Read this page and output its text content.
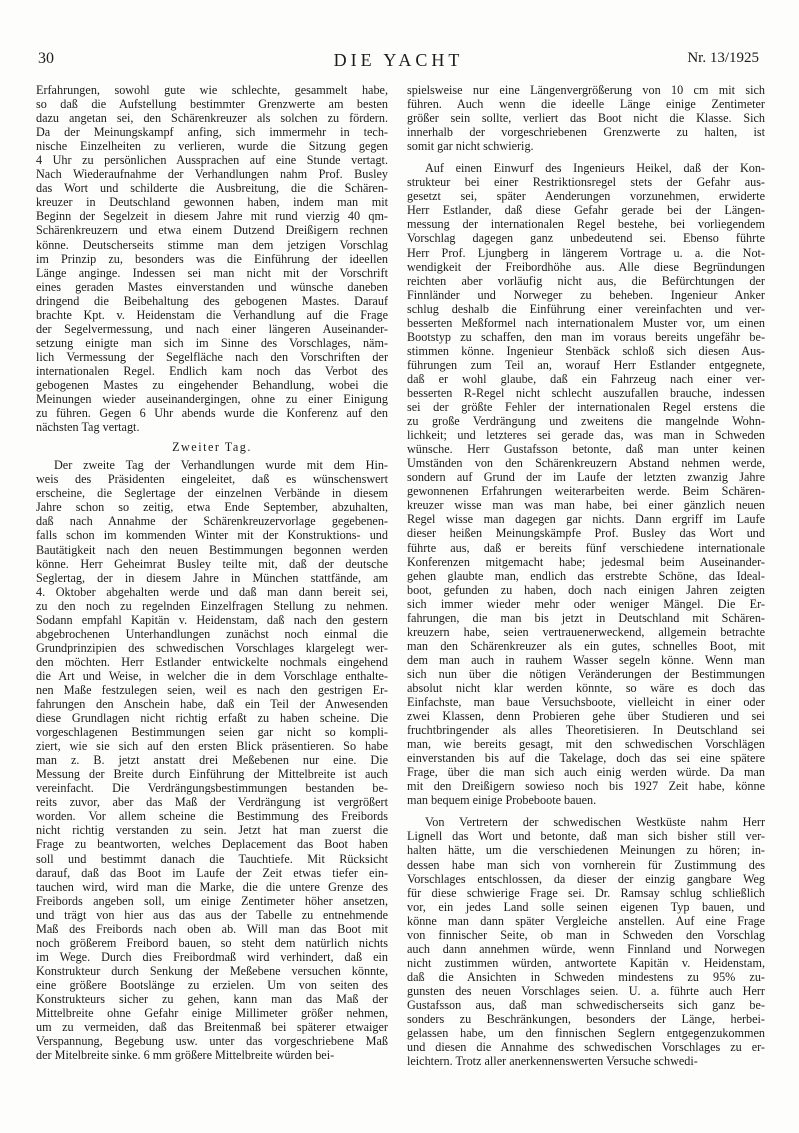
30	DIE YACHT	Nr. 13/1925
Erfahrungen, sowohl gute wie schlechte, gesammelt habe,
so daß die Aufstellung bestimmter Grenzwerte am besten
dazu angetan sei, den Schärenkreuzer als solchen zu fördern.
Da der Meinungskampf anfing, sich immermehr in tech-
nische Einzelheiten zu verlieren, wurde die Sitzung gegen
4 Uhr zu persönlichen Aussprachen auf eine Stunde vertagt.
Nach Wiederaufnahme der Verhandlungen nahm Prof. Busley
das Wort und schilderte die Ausbreitung, die die Schären-
kreuzer in Deutschland gewonnen haben, indem man mit
Beginn der Segelzeit in diesem Jahre mit rund vierzig 40 qm-
Schärenkreuzern und etwa einem Dutzend Dreißigern rechnen
könne. Deutscherseits stimme man dem jetzigen Vorschlag
im Prinzip zu, besonders was die Einführung der ideellen
Länge anginge. Indessen sei man nicht mit der Vorschrift
eines geraden Mastes einverstanden und wünsche daneben
dringend die Beibehaltung des gebogenen Mastes. Darauf
brachte Kpt. v. Heidenstam die Verhandlung auf die Frage
der Segelvermessung, und nach einer längeren Auseinander-
setzung einigte man sich im Sinne des Vorschlages, näm-
lich Vermessung der Segelfläche nach den Vorschriften der
internationalen Regel. Endlich kam noch das Verbot des
gebogenen Mastes zu eingehender Behandlung, wobei die
Meinungen wieder auseinandergingen, ohne zu einer Einigung
zu führen. Gegen 6 Uhr abends wurde die Konferenz auf den
nächsten Tag vertagt.
Zweiter Tag.
Der zweite Tag der Verhandlungen wurde mit dem Hin-
weis des Präsidenten eingeleitet, daß es wünschenswert
erscheine, die Seglertage der einzelnen Verbände in diesem
Jahre schon so zeitig, etwa Ende September, abzuhalten,
daß nach Annahme der Schärenkreuzervorlage gegebenen-
falls schon im kommenden Winter mit der Konstruktions- und
Bautätigkeit nach den neuen Bestimmungen begonnen werden
könne. Herr Geheimrat Busley teilte mit, daß der deutsche
Seglertag, der in diesem Jahre in München stattfände, am
4. Oktober abgehalten werde und daß man dann bereit sei,
zu den noch zu regelnden Einzelfragen Stellung zu nehmen.
Sodann empfahl Kapitän v. Heidenstam, daß nach den gestern
abgebrochenen Unterhandlungen zunächst noch einmal die
Grundprinzipien des schwedischen Vorschlages klargelegt wer-
den möchten. Herr Estlander entwickelte nochmals eingehend
die Art und Weise, in welcher die in dem Vorschlage enthalte-
nen Maße festzulegen seien, weil es nach den gestrigen Er-
fahrungen den Anschein habe, daß ein Teil der Anwesenden
diese Grundlagen nicht richtig erfaßt zu haben scheine. Die
vorgeschlagenen Bestimmungen seien gar nicht so kompli-
ziert, wie sie sich auf den ersten Blick präsentieren. So habe
man z. B. jetzt anstatt drei Meßebenen nur eine. Die
Messung der Breite durch Einführung der Mittelbreite ist auch
vereinfacht. Die Verdrängungsbestimmungen bestanden be-
reits zuvor, aber das Maß der Verdrängung ist vergrößert
worden. Vor allem scheine die Bestimmung des Freibords
nicht richtig verstanden zu sein. Jetzt hat man zuerst die
Frage zu beantworten, welches Deplacement das Boot haben
soll und bestimmt danach die Tauchtiefe. Mit Rücksicht
darauf, daß das Boot im Laufe der Zeit etwas tiefer ein-
tauchen wird, wird man die Marke, die die untere Grenze des
Freibords angeben soll, um einige Zentimeter höher ansetzen,
und trägt von hier aus das aus der Tabelle zu entnehmende
Maß des Freibords nach oben ab. Will man das Boot mit
noch größerem Freibord bauen, so steht dem natürlich nichts
im Wege. Durch dies Freibordmaß wird verhindert, daß ein
Konstrukteur durch Senkung der Meßebene versuchen könnte,
eine größere Bootslänge zu erzielen. Um von seiten des
Konstrukteurs sicher zu gehen, kann man das Maß der
Mittelbreite ohne Gefahr einige Millimeter größer nehmen,
um zu vermeiden, daß das Breitenmaß bei späterer etwaiger
Verspannung, Begebung usw. unter das vorgeschriebene Maß
der Mitelbreite sinke. 6 mm größere Mittelbreite würden bei-
spielsweise nur eine Längenvergrößerung von 10 cm mit sich
führen. Auch wenn die ideelle Länge einige Zentimeter
größer sein sollte, verliert das Boot nicht die Klasse. Sich
innerhalb der vorgeschriebenen Grenzwerte zu halten, ist
somit gar nicht schwierig.
Auf einen Einwurf des Ingenieurs Heikel, daß der Kon-
strukteur bei einer Restriktionsregel stets der Gefahr aus-
gesetzt sei, später Aenderungen vorzunehmen, erwiderte
Herr Estlander, daß diese Gefahr gerade bei der Längen-
messung der internationalen Regel bestehe, bei vorliegendem
Vorschlag dagegen ganz unbedeutend sei. Ebenso führte
Herr Prof. Ljungberg in längerem Vortrage u. a. die Not-
wendigkeit der Freibordhöhe aus. Alle diese Begründungen
reichten aber vorläufig nicht aus, die Befürchtungen der
Finnländer und Norweger zu beheben. Ingenieur Anker
schlug deshalb die Einführung einer vereinfachten und ver-
besserten Meßformel nach internationalem Muster vor, um einen
Bootstyp zu schaffen, den man im voraus bereits ungefähr be-
stimmen könne. Ingenieur Stenbäck schloß sich diesen Aus-
führungen zum Teil an, worauf Herr Estlander entgegnete,
daß er wohl glaube, daß ein Fahrzeug nach einer ver-
besserten R-Regel nicht schlecht auszufallen brauche, indessen
sei der größte Fehler der internationalen Regel erstens die
zu große Verdrängung und zweitens die mangelnde Wohn-
lichkeit; und letzteres sei gerade das, was man in Schweden
wünsche. Herr Gustafsson betonte, daß man unter keinen
Umständen von den Schärenkreuzern Abstand nehmen werde,
sondern auf Grund der im Laufe der letzten zwanzig Jahre
gewonnenen Erfahrungen weiterarbeiten werde. Beim Schären-
kreuzer wisse man was man habe, bei einer gänzlich neuen
Regel wisse man dagegen gar nichts. Dann ergriff im Laufe
dieser heißen Meinungskämpfe Prof. Busley das Wort und
führte aus, daß er bereits fünf verschiedene internationale
Konferenzen mitgemacht habe; jedesmal beim Auseinander-
gehen glaubte man, endlich das erstrebte Schöne, das Ideal-
boot, gefunden zu haben, doch nach einigen Jahren zeigten
sich immer wieder mehr oder weniger Mängel. Die Er-
fahrungen, die man bis jetzt in Deutschland mit Schären-
kreuzern habe, seien vertrauenerweckend, allgemein betrachte
man den Schärenkreuzer als ein gutes, schnelles Boot, mit
dem man auch in rauhem Wasser segeln könne. Wenn man
sich nun über die nötigen Veränderungen der Bestimmungen
absolut nicht klar werden könnte, so wäre es doch das
Einfachste, man baue Versuchsboote, vielleicht in einer oder
zwei Klassen, denn Probieren gehe über Studieren und sei
fruchtbringender als alles Theoretisieren. In Deutschland sei
man, wie bereits gesagt, mit den schwedischen Vorschlägen
einverstanden bis auf die Takelage, doch das sei eine spätere
Frage, über die man sich auch einig werden würde. Da man
mit den Dreißigern sowieso noch bis 1927 Zeit habe, könne
man bequem einige Probeboote bauen.
Von Vertretern der schwedischen Westküste nahm Herr
Lignell das Wort und betonte, daß man sich bisher still ver-
halten hätte, um die verschiedenen Meinungen zu hören; in-
dessen habe man sich von vornherein für Zustimmung des
Vorschlages entschlossen, da dieser der einzig gangbare Weg
für diese schwierige Frage sei. Dr. Ramsay schlug schließlich
vor, ein jedes Land solle seinen eigenen Typ bauen, und
könne man dann später Vergleiche anstellen. Auf eine Frage
von finnischer Seite, ob man in Schweden den Vorschlag
auch dann annehmen würde, wenn Finnland und Norwegen
nicht zustimmen würden, antwortete Kapitän v. Heidenstam,
daß die Ansichten in Schweden mindestens zu 95% zu-
gunsten des neuen Vorschlages seien. U. a. führte auch Herr
Gustafsson aus, daß man schwedischerseits sich ganz be-
sonders zu Beschränkungen, besonders der Länge, herbei-
gelassen habe, um den finnischen Seglern entgegenzukommen
und diesen die Annahme des schwedischen Vorschlages zu er-
leichtern. Trotz aller anerkennenswerten Versuche schwedi-
